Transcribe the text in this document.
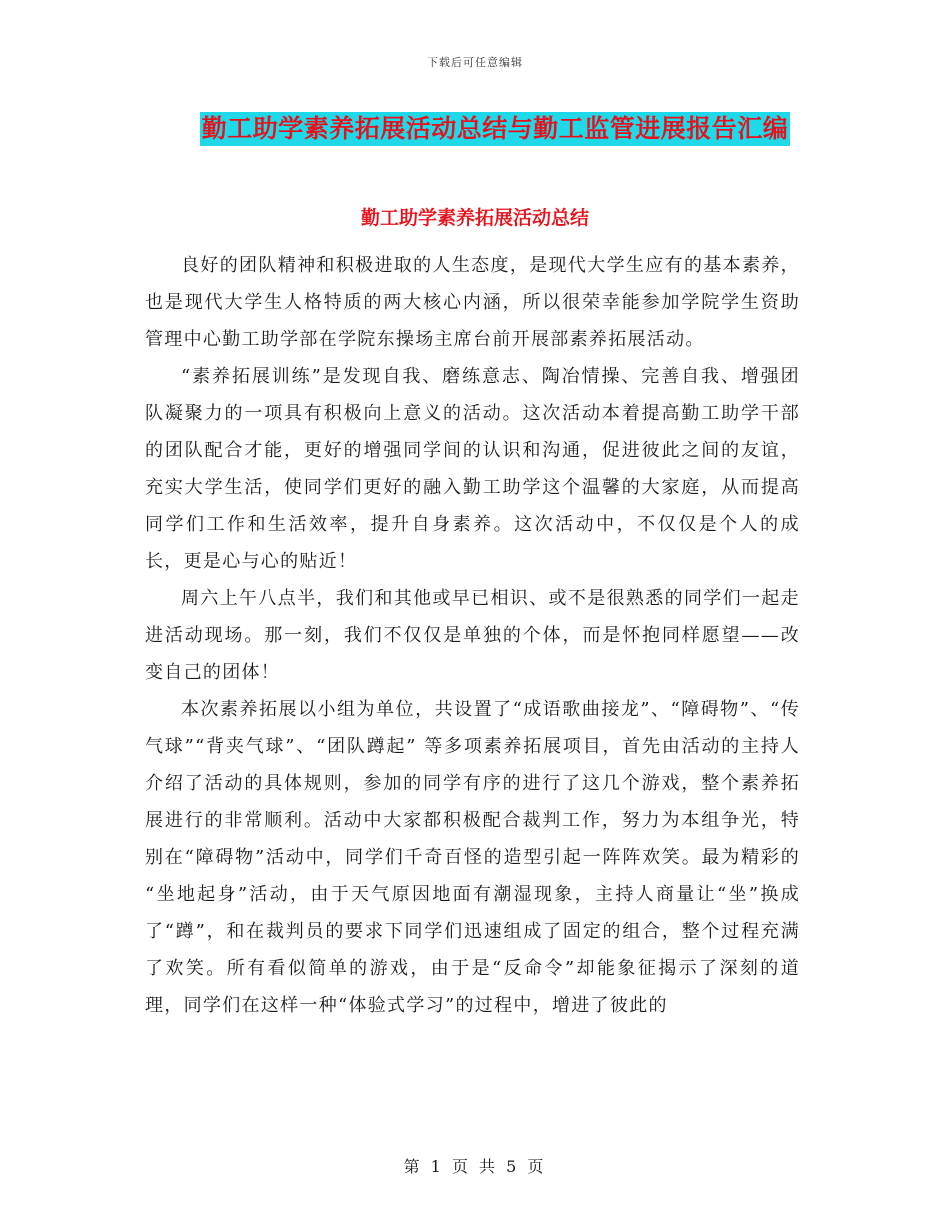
下载后可任意编辑
勤工助学素养拓展活动总结与勤工监管进展报告汇编
勤工助学素养拓展活动总结

良好的团队精神和积极进取的人生态度，是现代大学生应有的基本素养，也是现代大学生人格特质的两大核心内涵，所以很荣幸能参加学院学生资助管理中心勤工助学部在学院东操场主席台前开展部素养拓展活动。

“素养拓展训练”是发现自我、磨练意志、陶冶情操、完善自我、增强团队凝聚力的一项具有积极向上意义的活动。这次活动本着提高勤工助学干部的团队配合才能，更好的增强同学间的认识和沟通，促进彼此之间的友谊，充实大学生活，使同学们更好的融入勤工助学这个温馨的大家庭，从而提高同学们工作和生活效率，提升自身素养。这次活动中，不仅仅是个人的成长，更是心与心的贴近！

周六上午八点半，我们和其他或早已相识、或不是很熟悉的同学们一起走进活动现场。那一刻，我们不仅仅是单独的个体，而是怀抱同样愿望——改变自己的团体！

本次素养拓展以小组为单位，共设置了“成语歌曲接龙”、“障碍物”、“传气球”“背夹气球”、“团队蹲起” 等多项素养拓展项目，首先由活动的主持人介绍了活动的具体规则，参加的同学有序的进行了这几个游戏，整个素养拓展进行的非常顺利。活动中大家都积极配合裁判工作，努力为本组争光，特别在“障碍物”活动中，同学们千奇百怪的造型引起一阵阵欢笑。最为精彩的 “坐地起身”活动，由于天气原因地面有潮湿现象，主持人商量让“坐”换成了“蹲”，和在裁判员的要求下同学们迅速组成了固定的组合，整个过程充满了欢笑。所有看似简单的游戏，由于是“反命令”却能象征揭示了深刻的道理，同学们在这样一种“体验式学习”的过程中，增进了彼此的

第 1 页 共 5 页
